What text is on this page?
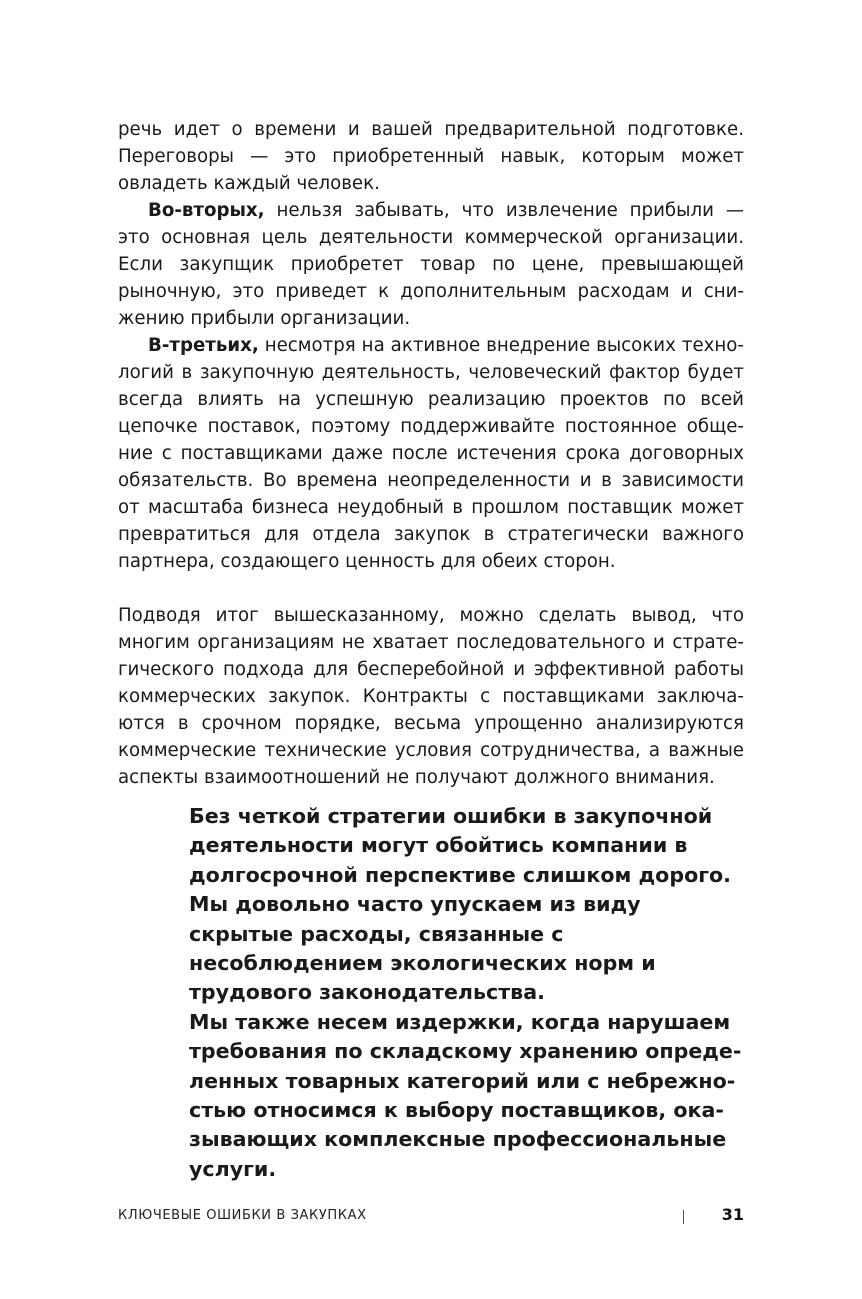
речь идет о времени и вашей предварительной подготовке. Переговоры — это приобретенный навык, которым может овладеть каждый человек.

Во-вторых, нельзя забывать, что извлечение прибыли — это основная цель деятельности коммерческой организации. Если закупщик приобретет товар по цене, превышающей рыночную, это приведет к дополнительным расходам и снижению прибыли организации.

В-третьих, несмотря на активное внедрение высоких технологий в закупочную деятельность, человеческий фактор будет всегда влиять на успешную реализацию проектов по всей цепочке поставок, поэтому поддерживайте постоянное общение с поставщиками даже после истечения срока договорных обязательств. Во времена неопределенности и в зависимости от масштаба бизнеса неудобный в прошлом поставщик может превратиться для отдела закупок в стратегически важного партнера, создающего ценность для обеих сторон.

Подводя итог вышесказанному, можно сделать вывод, что многим организациям не хватает последовательного и стратегического подхода для бесперебойной и эффективной работы коммерческих закупок. Контракты с поставщиками заключаются в срочном порядке, весьма упрощенно анализируются коммерческие технические условия сотрудничества, а важные аспекты взаимоотношений не получают должного внимания.

Без четкой стратегии ошибки в закупочной деятельности могут обойтись компании в долгосрочной перспективе слишком дорого.

Мы довольно часто упускаем из виду скрытые расходы, связанные с несоблюдением экологических норм и трудового законодательства.

Мы также несем издержки, когда нарушаем требования по складскому хранению определенных товарных категорий или с небрежностью относимся к выбору поставщиков, оказывающих комплексные профессиональные услуги.

КЛЮЧЕВЫЕ ОШИБКИ В ЗАКУПКАХ	31
